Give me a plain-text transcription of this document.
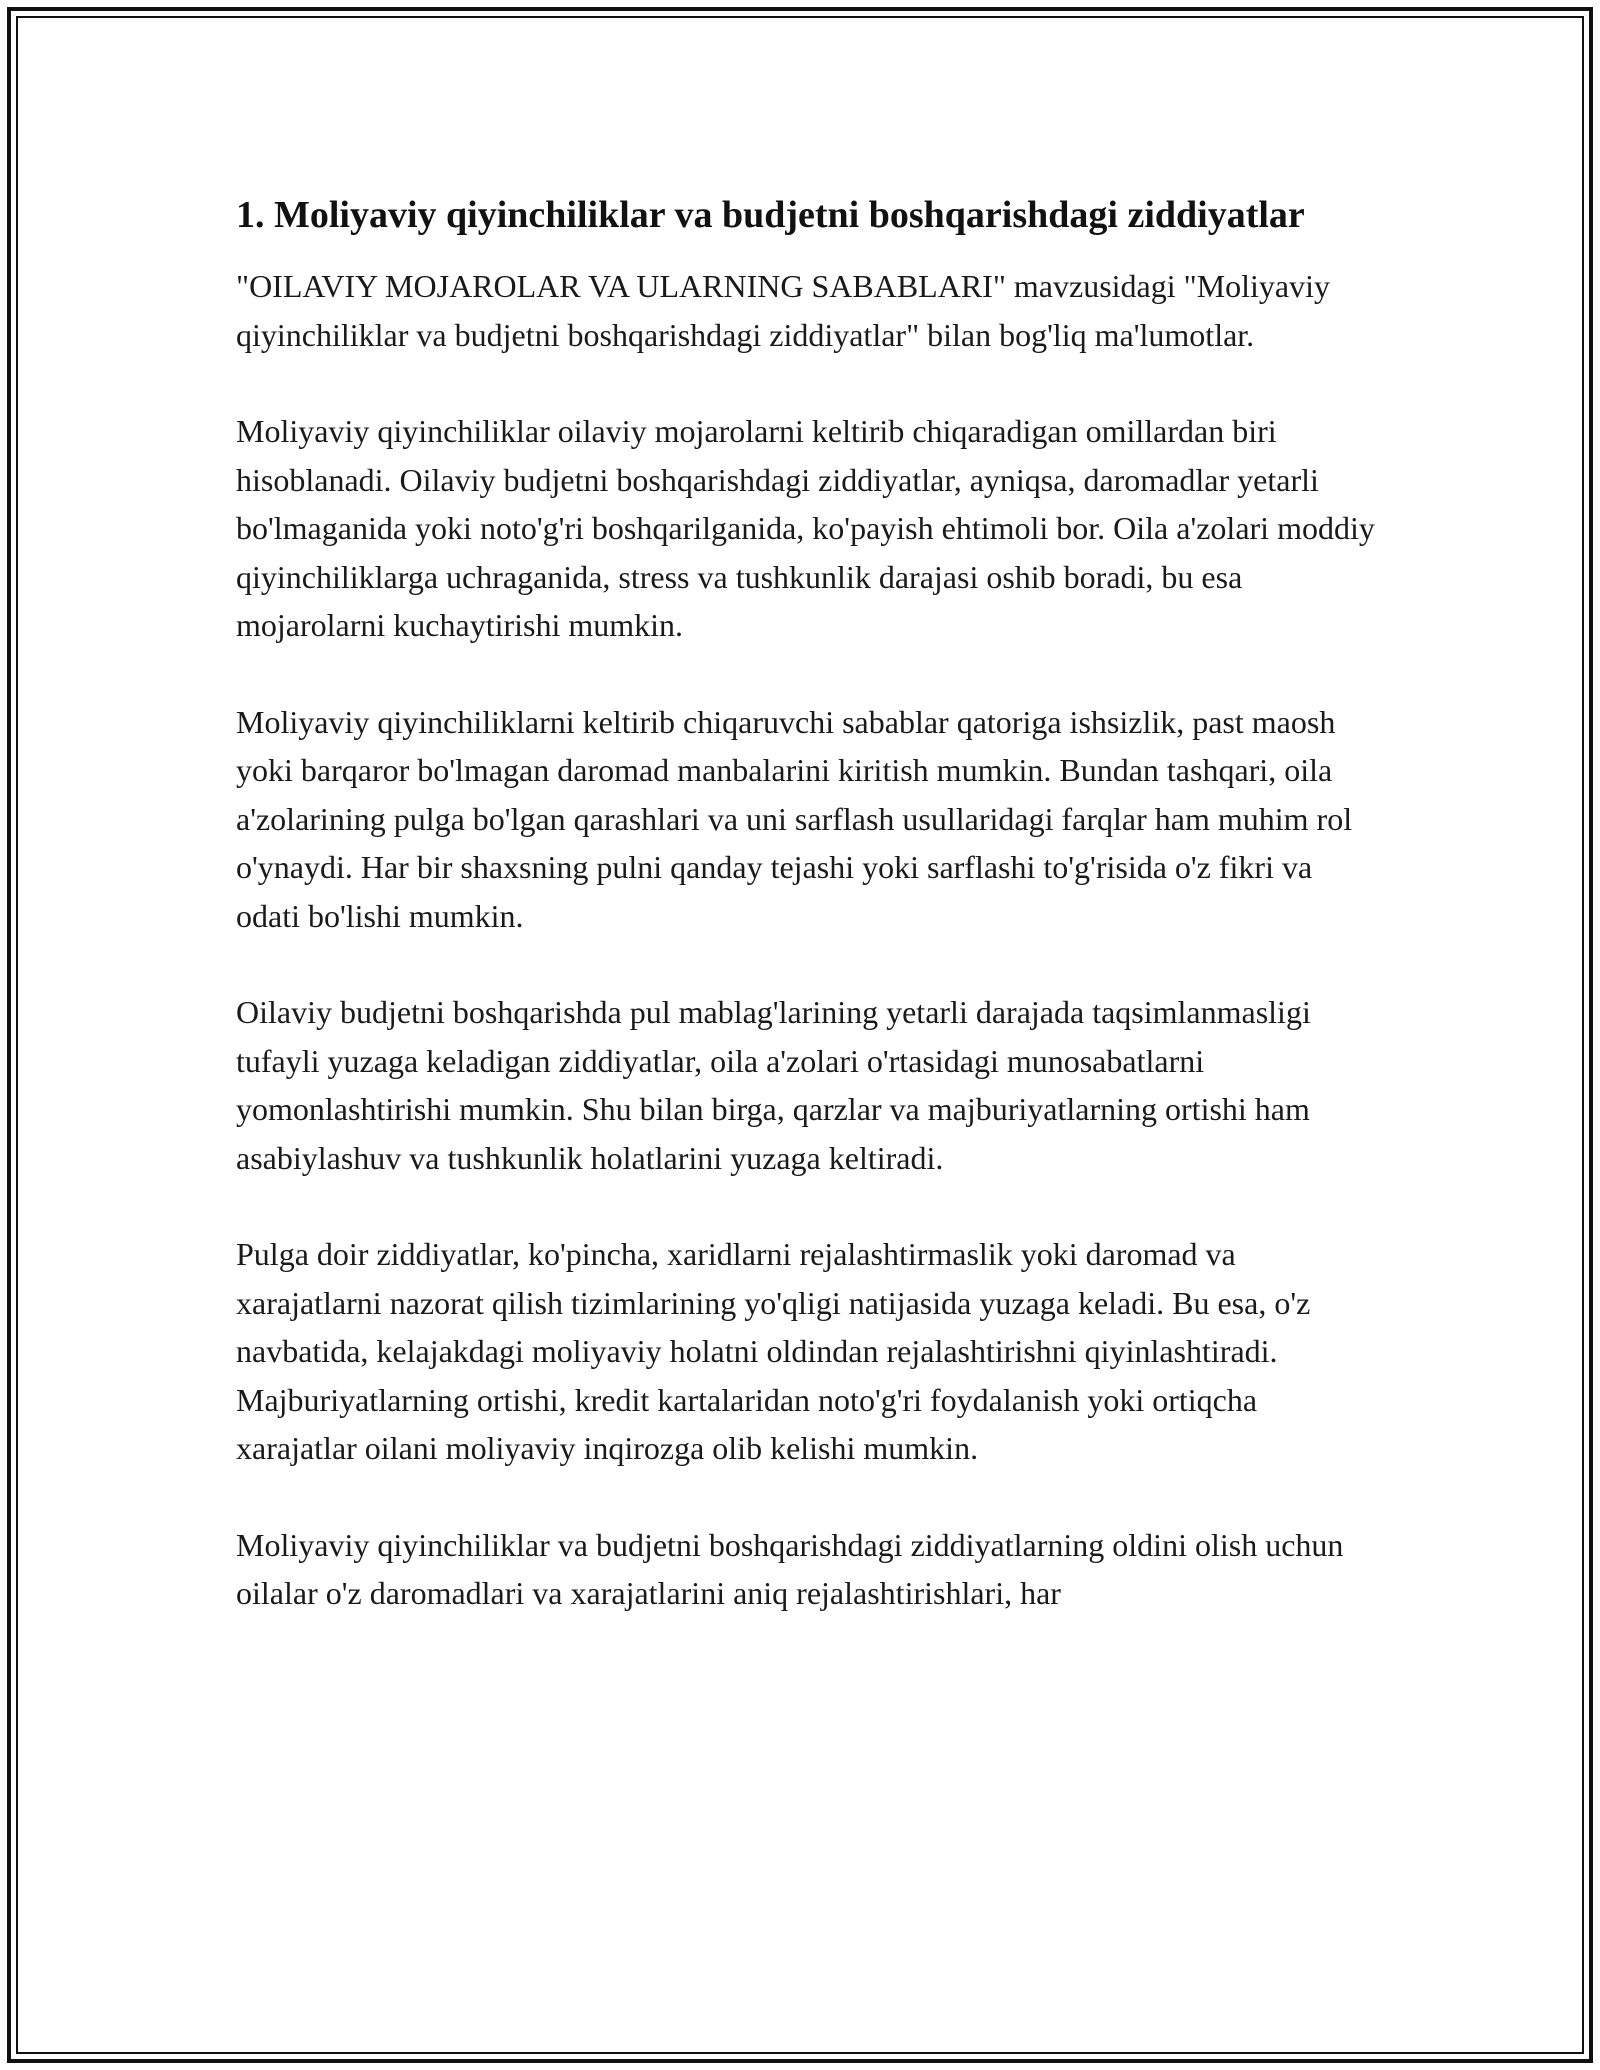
1. Moliyaviy qiyinchiliklar va budjetni boshqarishdagi ziddiyatlar

"OILAVIY MOJAROLAR VA ULARNING SABABLARI" mavzusidagi "Moliyaviy qiyinchiliklar va budjetni boshqarishdagi ziddiyatlar" bilan bog'liq ma'lumotlar.

Moliyaviy qiyinchiliklar oilaviy mojarolarni keltirib chiqaradigan omillardan biri hisoblanadi. Oilaviy budjetni boshqarishdagi ziddiyatlar, ayniqsa, daromadlar yetarli bo'lmaganida yoki noto'g'ri boshqarilganida, ko'payish ehtimoli bor. Oila a'zolari moddiy qiyinchiliklarga uchraganida, stress va tushkunlik darajasi oshib boradi, bu esa mojarolarni kuchaytirishi mumkin.

Moliyaviy qiyinchiliklarni keltirib chiqaruvchi sabablar qatoriga ishsizlik, past maosh yoki barqaror bo'lmagan daromad manbalarini kiritish mumkin. Bundan tashqari, oila a'zolarining pulga bo'lgan qarashlari va uni sarflash usullaridagi farqlar ham muhim rol o'ynaydi. Har bir shaxsning pulni qanday tejashi yoki sarflashi to'g'risida o'z fikri va odati bo'lishi mumkin.

Oilaviy budjetni boshqarishda pul mablag'larining yetarli darajada taqsimlanmasligi tufayli yuzaga keladigan ziddiyatlar, oila a'zolari o'rtasidagi munosabatlarni yomonlashtirishi mumkin. Shu bilan birga, qarzlar va majburiyatlarning ortishi ham asabiylashuv va tushkunlik holatlarini yuzaga keltiradi.

Pulga doir ziddiyatlar, ko'pincha, xaridlarni rejalashtirmaslik yoki daromad va xarajatlarni nazorat qilish tizimlarining yo'qligi natijasida yuzaga keladi. Bu esa, o'z navbatida, kelajakdagi moliyaviy holatni oldindan rejalashtirishni qiyinlashtiradi. Majburiyatlarning ortishi, kredit kartalaridan noto'g'ri foydalanish yoki ortiqcha xarajatlar oilani moliyaviy inqirozga olib kelishi mumkin.

Moliyaviy qiyinchiliklar va budjetni boshqarishdagi ziddiyatlarning oldini olish uchun oilalar o'z daromadlari va xarajatlarini aniq rejalashtirishlari, har
